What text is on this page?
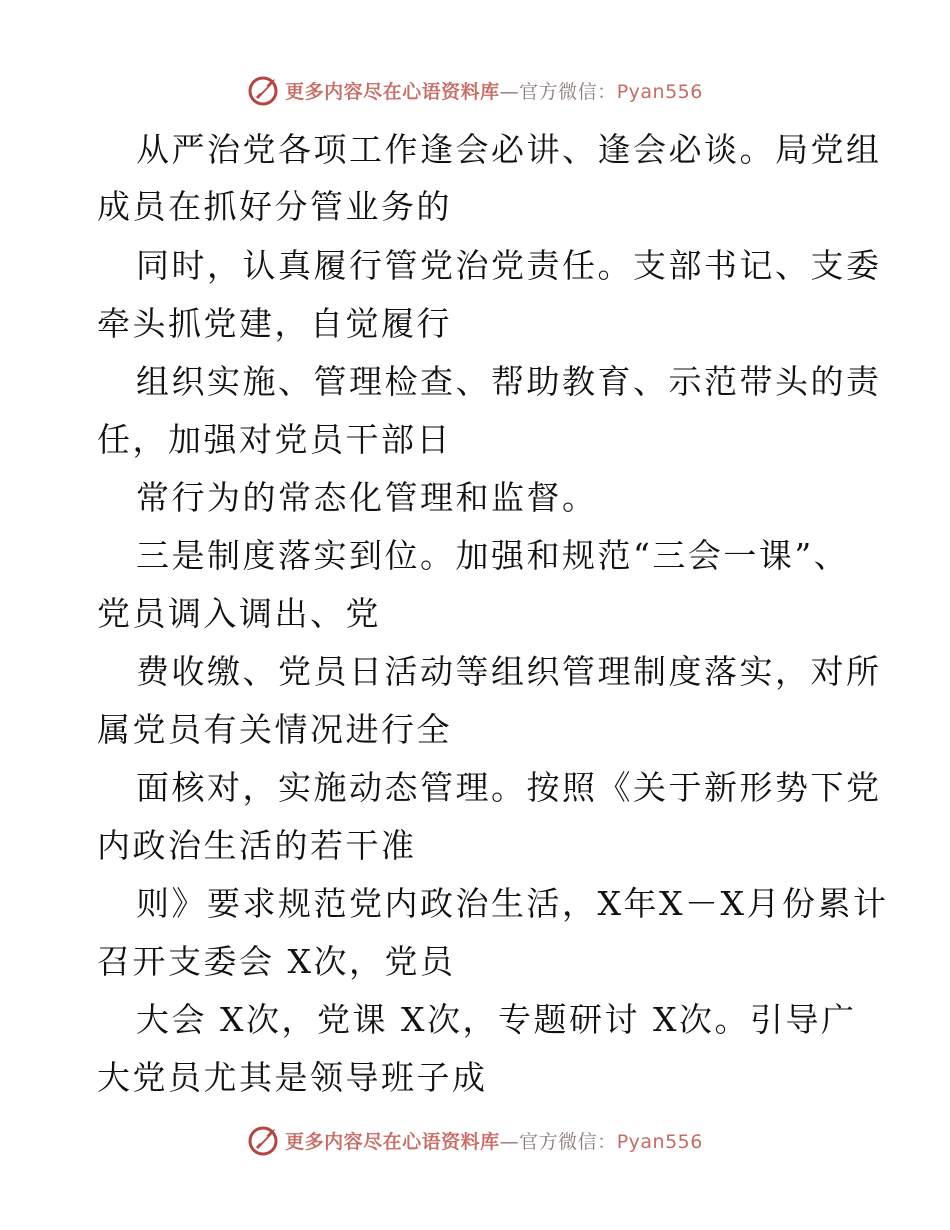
更多内容尽在心语资料库—官方微信：Pyan556
从严治党各项工作逢会必讲、逢会必谈。局党组
成员在抓好分管业务的
同时，认真履行管党治党责任。支部书记、支委
牵头抓党建，自觉履行
组织实施、管理检查、帮助教育、示范带头的责
任，加强对党员干部日
常行为的常态化管理和监督。
三是制度落实到位。加强和规范“三会一课”、
党员调入调出、党
费收缴、党员日活动等组织管理制度落实，对所
属党员有关情况进行全
面核对，实施动态管理。按照《关于新形势下党
内政治生活的若干准
则》要求规范党内政治生活，X年X－X月份累计
召开支委会 X次，党员
大会 X次，党课 X次，专题研讨 X次。引导广
大党员尤其是领导班子成
更多内容尽在心语资料库—官方微信：Pyan556
